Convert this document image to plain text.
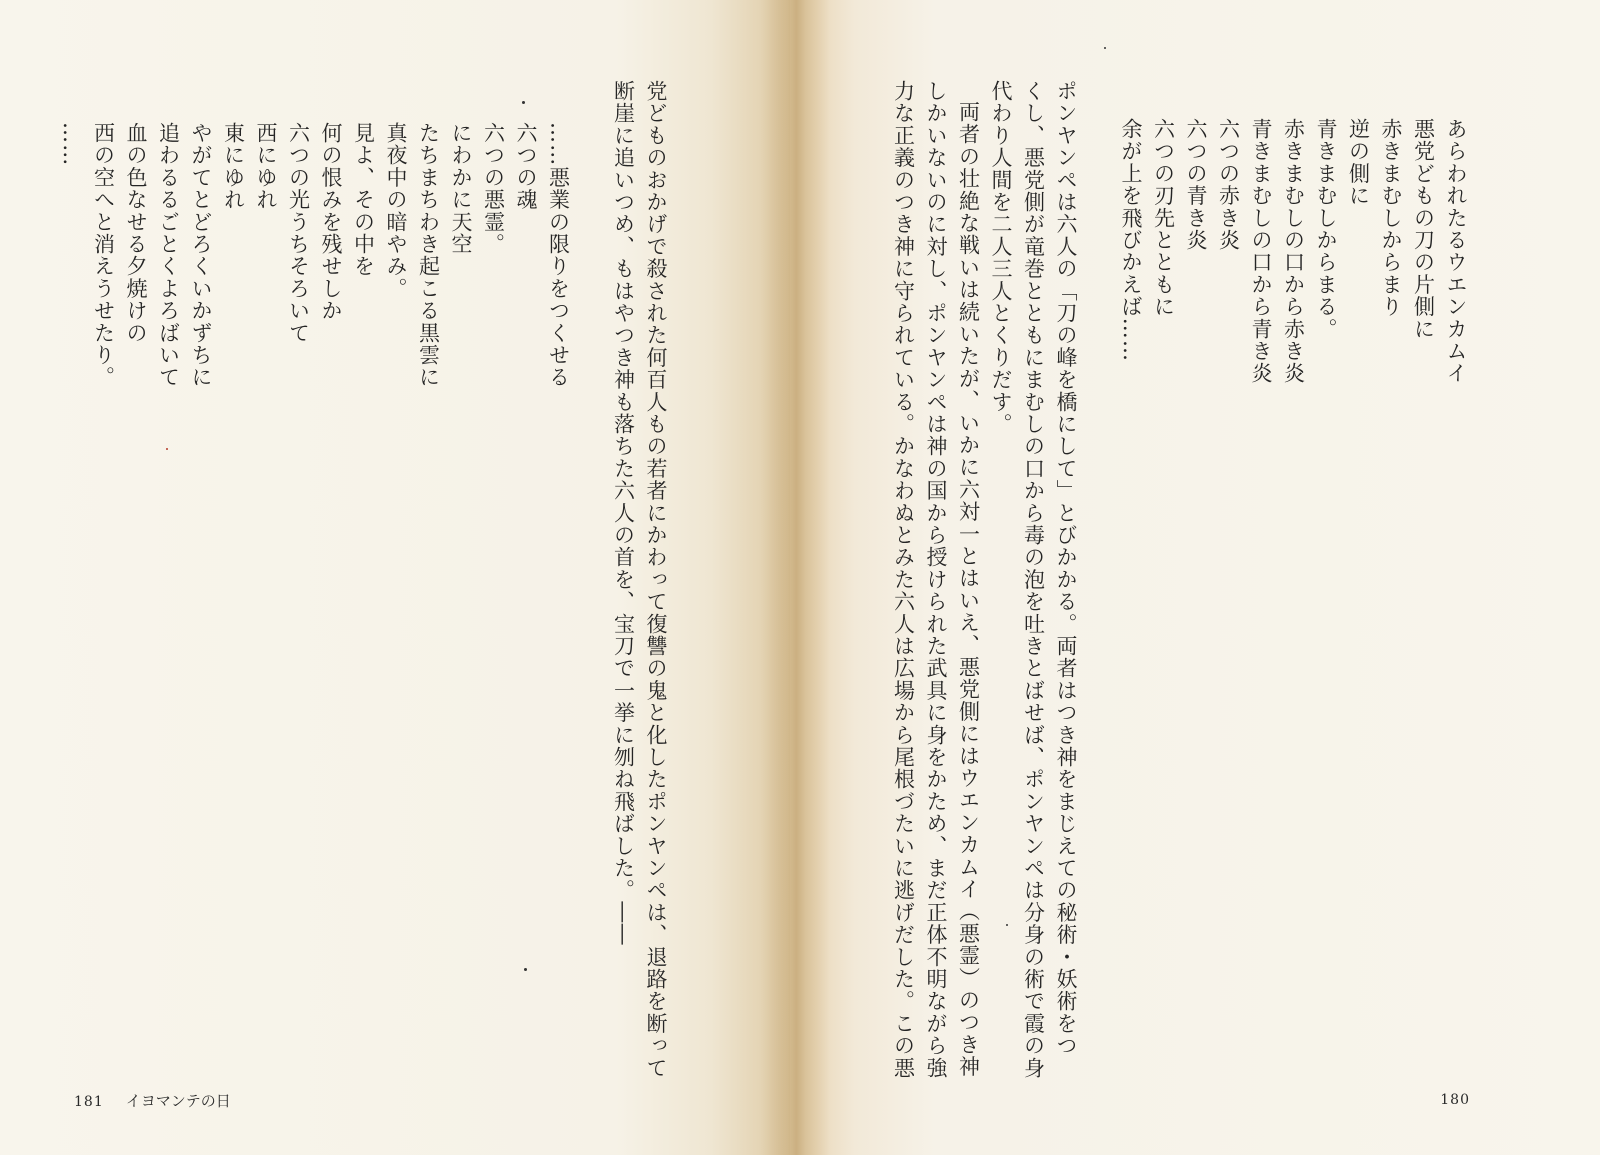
党どものおかげで殺された何百人もの若者にかわって復讐の鬼と化したポンヤンペは、退路を断って
断崖に追いつめ、もはやつき神も落ちた六人の首を、宝刀で一挙に刎ね飛ばした。――
……悪業の限りをつくせる
六つの魂
六つの悪霊。
にわかに天空
たちまちわき起こる黒雲に
真夜中の暗やみ。
見よ、その中を
何の恨みを残せしか
六つの光うちそろいて
西にゆれ
東にゆれ
やがてとどろくいかずちに
追わるるごとくよろばいて
血の色なせる夕焼けの
西の空へと消えうせたり。
……
181 イヨマンテの日
あらわれたるウエンカムイ
悪党どもの刀の片側に
赤きまむしからまり
逆の側に
青きまむしからまる。
赤きまむしの口から赤き炎
青きまむしの口から青き炎
六つの赤き炎
六つの青き炎
六つの刃先とともに
余が上を飛びかえば……
ポンヤンペは六人の「刀の峰を橋にして」とびかかる。両者はつき神をまじえての秘術・妖術をつ
くし、悪党側が竜巻とともにまむしの口から毒の泡を吐きとばせば、ポンヤンペは分身の術で霞の身
代わり人間を二人三人とくりだす。
両者の壮絶な戦いは続いたが、いかに六対一とはいえ、悪党側にはウエンカムイ（悪霊）のつき神
しかいないのに対し、ポンヤンペは神の国から授けられた武具に身をかため、まだ正体不明ながら強
力な正義のつき神に守られている。かなわぬとみた六人は広場から尾根づたいに逃げだした。この悪
180
